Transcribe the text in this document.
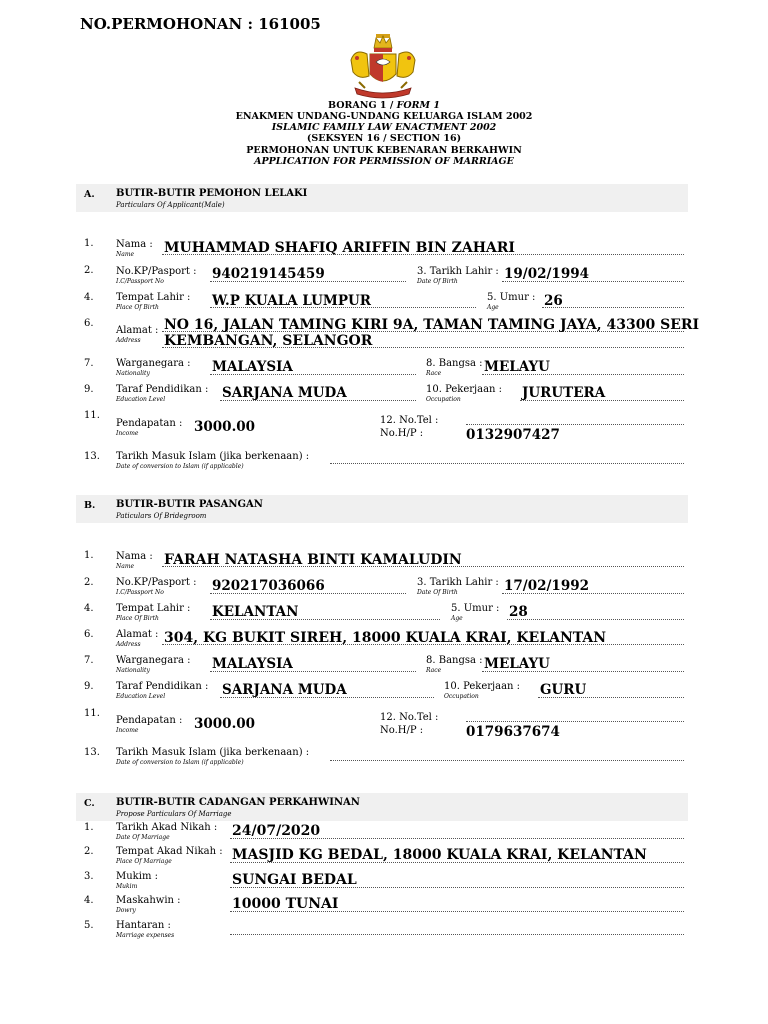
NO.PERMOHONAN : 161005
BORANG 1 / FORM 1
ENAKMEN UNDANG-UNDANG KELUARGA ISLAM 2002
ISLAMIC FAMILY LAW ENACTMENT 2002
(SEKSYEN 16 / SECTION 16)
PERMOHONAN UNTUK KEBENARAN BERKAHWIN
APPLICATION FOR PERMISSION OF MARRIAGE
A. BUTIR-BUTIR PEMOHON LELAKI
Particulars Of Applicant(Male)
1. Nama :
Name MUHAMMAD SHAFIQ ARIFFIN BIN ZAHARI
2. No.KP/Pasport :
I.C/Passport No	940219145459	3. Tarikh Lahir :
Date Of Birth	19/02/1994
4. Tempat Lahir :
Place Of Birth	W.P KUALA LUMPUR	5. Umur :
Age	26
6.
Alamat :
Address
NO 16, JALAN TAMING KIRI 9A, TAMAN TAMING JAYA, 43300 SERI
KEMBANGAN, SELANGOR
7. Warganegara :
Nationality	MALAYSIA	8. Bangsa :
Race	MELAYU
9. Taraf Pendidikan :
Education Level	SARJANA MUDA	10. Pekerjaan :
Occupation	JURUTERA
11.
Pendapatan :
Income	3000.00	12. No.Tel :
No.H/P :	0132907427
13. Tarikh Masuk Islam (jika berkenaan) :
Date of conversion to Islam (if applicable)
B. BUTIR-BUTIR PASANGAN
Paticulars Of Bridegroom
1. Nama :
Name FARAH NATASHA BINTI KAMALUDIN
2. No.KP/Pasport :
I.C/Passport No	920217036066	3. Tarikh Lahir :
Date Of Birth	17/02/1992
4. Tempat Lahir :
Place Of Birth	KELANTAN	5. Umur :
Age	28
6. Alamat :
Address 304, KG BUKIT SIREH, 18000 KUALA KRAI, KELANTAN
7. Warganegara :
Nationality	MALAYSIA	8. Bangsa :
Race	MELAYU
9. Taraf Pendidikan :
Education Level	SARJANA MUDA	10. Pekerjaan :
Occupation	GURU
11.
Pendapatan :
Income	3000.00	12. No.Tel :
No.H/P :	0179637674
13. Tarikh Masuk Islam (jika berkenaan) :
Date of conversion to Islam (if applicable)
C. BUTIR-BUTIR CADANGAN PERKAHWINAN
Propose Particulars Of Marriage
1. Tarikh Akad Nikah :
Date Of Marriage	24/07/2020
2. Tempat Akad Nikah :
Place Of Marriage	MASJID KG BEDAL, 18000 KUALA KRAI, KELANTAN
3. Mukim :
Mukim	SUNGAI BEDAL
4. Maskahwin :
Dowry	10000 TUNAI
5. Hantaran :
Marriage expenses
